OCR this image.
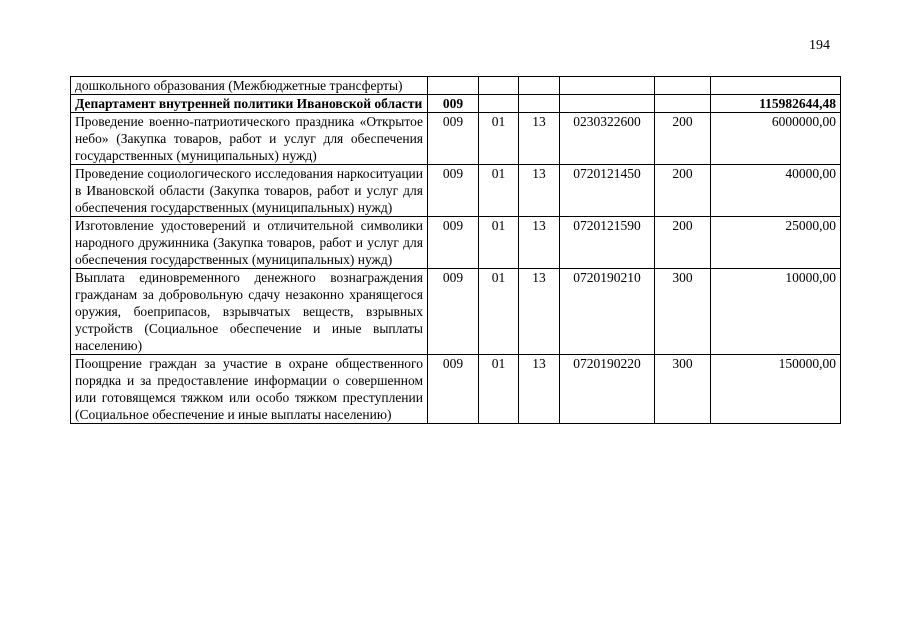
194
дошкольного образования (Межбюджетные трансферты)						
Департамент внутренней политики Ивановской области	009					115982644,48
Проведение военно-патриотического праздника «Открытое небо» (Закупка товаров, работ и услуг для обеспечения государственных (муниципальных) нужд)	009	01	13	0230322600	200	6000000,00
Проведение социологического исследования наркоситуации в Ивановской области (Закупка товаров, работ и услуг для обеспечения государственных (муниципальных) нужд)	009	01	13	0720121450	200	40000,00
Изготовление удостоверений и отличительной символики народного дружинника (Закупка товаров, работ и услуг для обеспечения государственных (муниципальных) нужд)	009	01	13	0720121590	200	25000,00
Выплата единовременного денежного вознаграждения гражданам за добровольную сдачу незаконно хранящегося оружия, боеприпасов, взрывчатых веществ, взрывных устройств (Социальное обеспечение и иные выплаты населению)	009	01	13	0720190210	300	10000,00
Поощрение граждан за участие в охране общественного порядка и за предоставление информации о совершенном или готовящемся тяжком или особо тяжком преступлении (Социальное обеспечение и иные выплаты населению)	009	01	13	0720190220	300	150000,00
